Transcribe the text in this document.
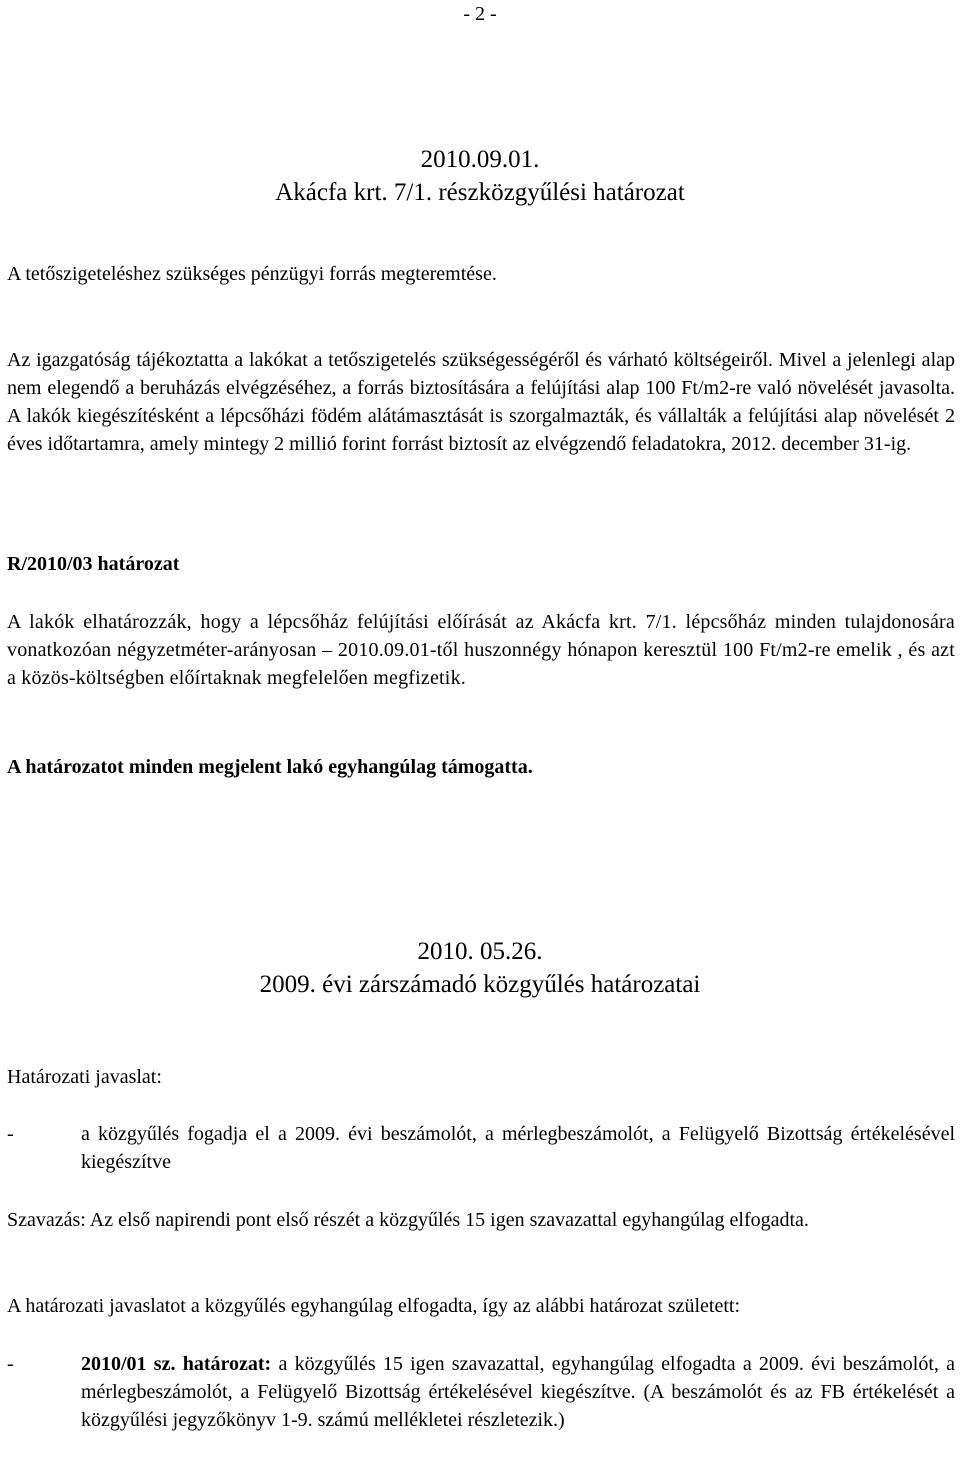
- 2 -
2010.09.01.
Akácfa krt. 7/1. részközgyűlési határozat
A tetőszigeteléshez szükséges pénzügyi forrás megteremtése.
Az igazgatóság tájékoztatta a lakókat a tetőszigetelés szükségességéről és várható költségeiről. Mivel a jelenlegi alap nem elegendő a beruházás elvégzéséhez, a forrás biztosítására a felújítási alap 100 Ft/m2-re való növelését javasolta. A lakók kiegészítésként a lépcsőházi födém alátámasztását is szorgalmazták, és vállalták a felújítási alap növelését 2 éves időtartamra, amely mintegy 2 millió forint forrást biztosít az elvégzendő feladatokra, 2012. december 31-ig.
R/2010/03 határozat
A lakók elhatározzák, hogy a lépcsőház felújítási előírását az Akácfa krt. 7/1. lépcsőház minden tulajdonosára vonatkozóan négyzetméter-arányosan – 2010.09.01-től huszonnégy hónapon keresztül 100 Ft/m2-re emelik , és azt a közös-költségben előírtaknak megfelelően megfizetik.
A határozatot minden megjelent lakó egyhangúlag támogatta.
2010. 05.26.
2009. évi zárszámadó közgyűlés határozatai
Határozati javaslat:
-	a közgyűlés fogadja el a 2009. évi beszámolót, a mérlegbeszámolót, a Felügyelő Bizottság értékelésével kiegészítve
Szavazás: Az első napirendi pont első részét a közgyűlés 15 igen szavazattal egyhangúlag elfogadta.
A határozati javaslatot a közgyűlés egyhangúlag elfogadta, így az alábbi határozat született:
-	2010/01 sz. határozat: a közgyűlés 15 igen szavazattal, egyhangúlag elfogadta a 2009. évi beszámolót, a mérlegbeszámolót, a Felügyelő Bizottság értékelésével kiegészítve. (A beszámolót és az FB értékelését a közgyűlési jegyzőkönyv 1-9. számú mellékletei részletezik.)
